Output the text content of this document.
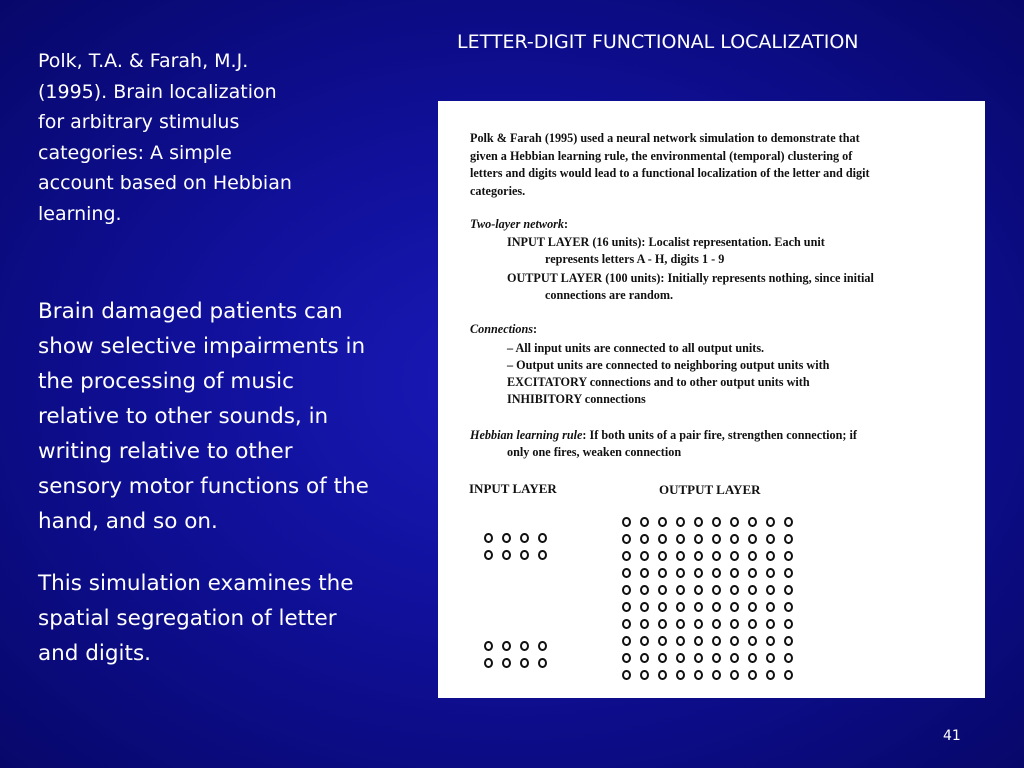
LETTER-DIGIT FUNCTIONAL LOCALIZATION
Polk, T.A. & Farah, M.J.
(1995). Brain localization
for arbitrary stimulus
categories: A simple
account based on Hebbian
learning.
Brain damaged patients can
show selective impairments in
the processing of music
relative to other sounds, in
writing relative to other
sensory motor functions of the
hand, and so on.
This simulation examines the
spatial segregation of letter
and digits.
Polk & Farah (1995) used a neural network simulation to demonstrate that
given a Hebbian learning rule, the environmental (temporal) clustering of
letters and digits would lead to a functional localization of the letter and digit
categories.
Two-layer network:
INPUT LAYER (16 units): Localist representation. Each unit
represents letters A - H, digits 1 - 9
OUTPUT LAYER (100 units): Initially represents nothing, since initial
connections are random.
Connections:
– All input units are connected to all output units.
– Output units are connected to neighboring output units with
EXCITATORY connections and to other output units with
INHIBITORY connections
Hebbian learning rule: If both units of a pair fire, strengthen connection; if
only one fires, weaken connection
INPUT LAYER	OUTPUT LAYER
41
